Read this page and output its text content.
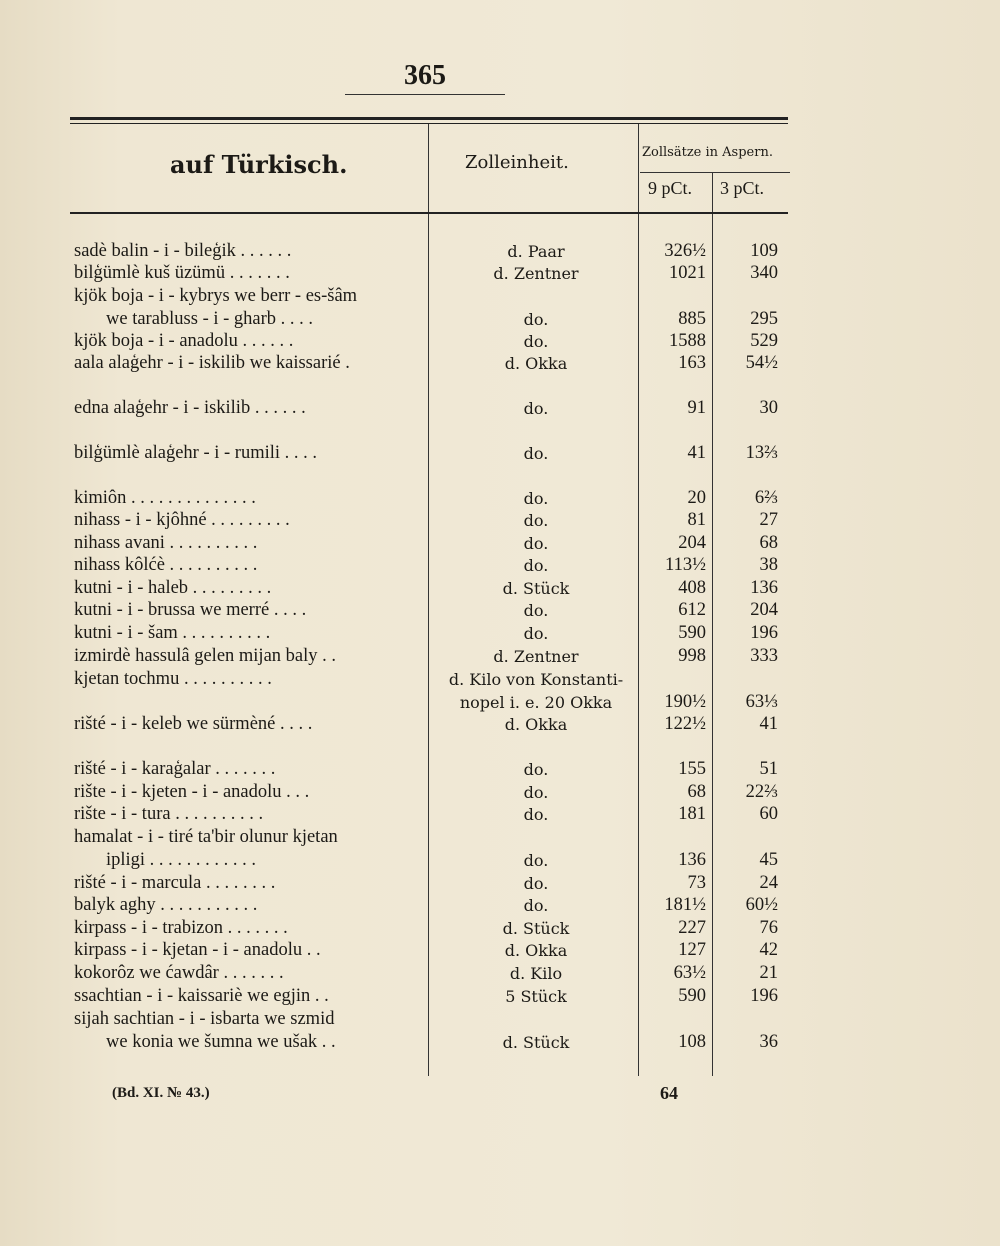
365
auf Türkisch.	Zolleinheit.	Zollsätze in Aspern.
9 pCt. 3 pCt.
sadè balin - i - bileģik . . . . . .	d. Paar	326½	109
bilģümlè kuš üzümü . . . . . . .	d. Zentner	1021	340
kjök boja - i - kybrys we berr - es-šâm
we tarabluss - i - gharb . . . .	do.	885	295
kjök boja - i - anadolu . . . . . .	do.	1588	529
aala alaģehr - i - iskilib we kaissarié .	d. Okka	163	54½
edna alaģehr - i - iskilib . . . . . .	do.	91	30
bilģümlè alaģehr - i - rumili . . . .	do.	41	13⅔
kimiôn . . . . . . . . . . . . . .	do.	20	6⅔
nihass - i - kjôhné . . . . . . . . .	do.	81	27
nihass avani . . . . . . . . . .	do.	204	68
nihass kôlćè . . . . . . . . . .	do.	113½	38
kutni - i - haleb . . . . . . . . .	d. Stück	408	136
kutni - i - brussa we merré . . . .	do.	612	204
kutni - i - šam . . . . . . . . . .	do.	590	196
izmirdè hassulâ gelen mijan baly . .	d. Zentner	998	333
kjetan tochmu . . . . . . . . . .	d. Kilo von Konstanti-
nopel i. e. 20 Okka	190½	63⅓
rišté - i - keleb we sürmèné . . . .	d. Okka	122½	41
rišté - i - karaģalar . . . . . . .	do.	155	51
rište - i - kjeten - i - anadolu . . .	do.	68	22⅔
rište - i - tura . . . . . . . . . .	do.	181	60
hamalat - i - tiré ta'bir olunur kjetan
ipligi . . . . . . . . . . . .	do.	136	45
rišté - i - marcula . . . . . . . .	do.	73	24
balyk aghy . . . . . . . . . . .	do.	181½	60½
kirpass - i - trabizon . . . . . . .	d. Stück	227	76
kirpass - i - kjetan - i - anadolu . .	d. Okka	127	42
kokorôz we ćawdâr . . . . . . .	d. Kilo	63½	21
ssachtian - i - kaissariè we egjin . .	5 Stück	590	196
sijah sachtian - i - isbarta we szmid
we konia we šumna we ušak . .	d. Stück	108	36
(Bd. XI. № 43.)	64
